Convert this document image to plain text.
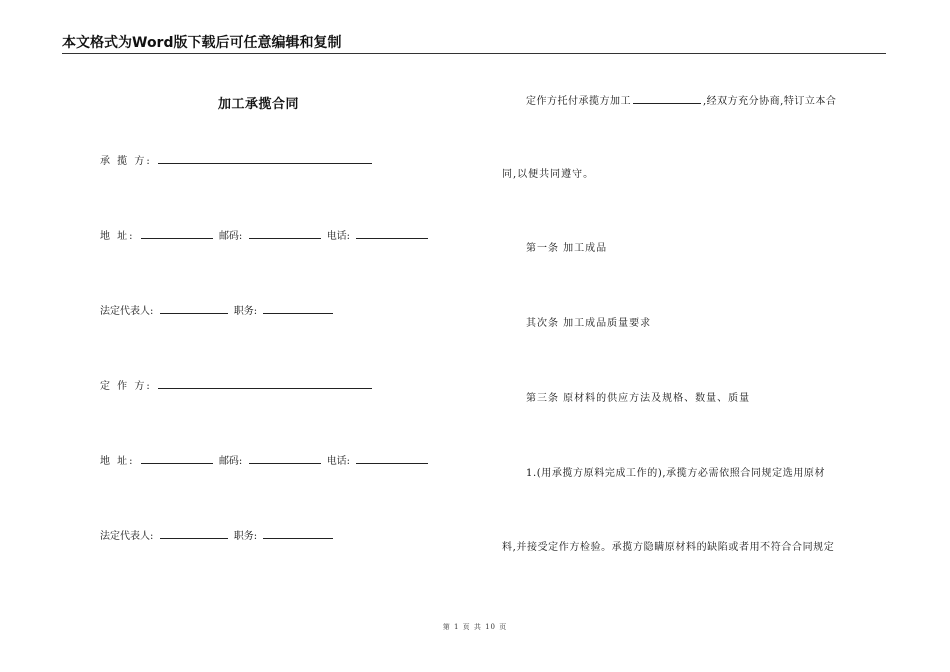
本文格式为Word版下载后可任意编辑和复制
加工承揽合同
承 揽 方:
地 址:	邮码:	电话:
法定代表人:	职务:
定 作 方:
地 址:	邮码:	电话:
法定代表人:	职务:
定作方托付承揽方加工	,经双方充分协商,特订立本合
同,以便共同遵守。
第一条 加工成品
其次条 加工成品质量要求
第三条 原材料的供应方法及规格、数量、质量
1.(用承揽方原料完成工作的),承揽方必需依照合同规定选用原材
料,并接受定作方检验。承揽方隐瞒原材料的缺陷或者用不符合合同规定
第 1 页 共 10 页
